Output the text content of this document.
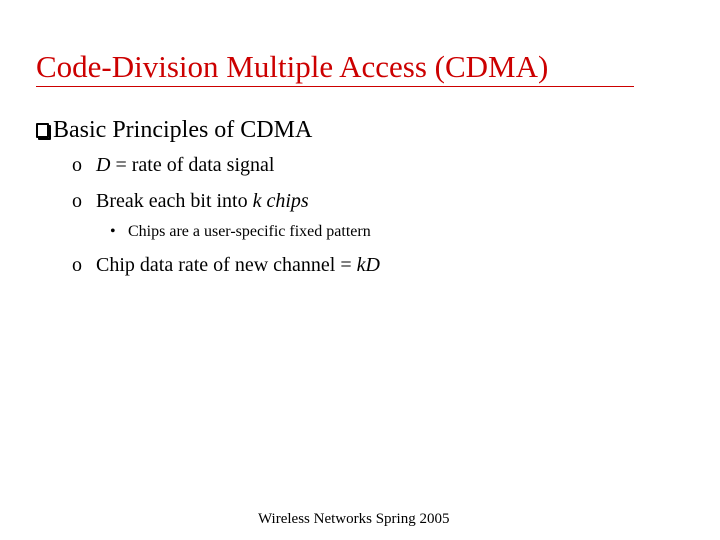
Code-Division Multiple Access (CDMA)
Basic Principles of CDMA
o D = rate of data signal
o Break each bit into k chips
• Chips are a user-specific fixed pattern
o Chip data rate of new channel = kD
Wireless Networks Spring 2005
